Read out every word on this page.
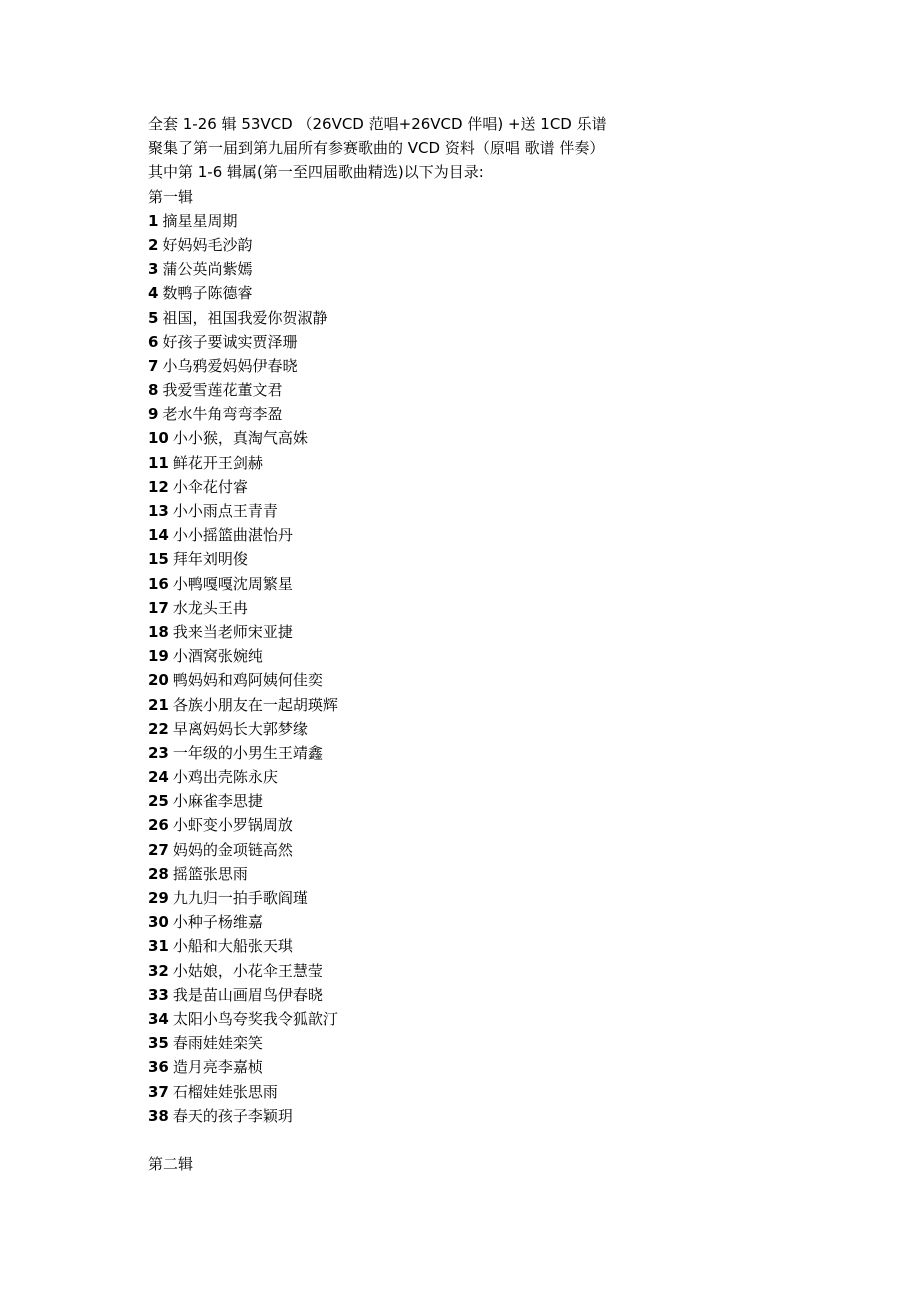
全套 1-26 辑 53VCD （26VCD 范唱+26VCD 伴唱) +送 1CD 乐谱
聚集了第一届到第九届所有参赛歌曲的 VCD 资料（原唱 歌谱 伴奏）
其中第 1-6 辑属(第一至四届歌曲精选)以下为目录:
第一辑
1 摘星星周期
2 好妈妈毛沙韵
3 蒲公英尚紫嫣
4 数鸭子陈德睿
5 祖国，祖国我爱你贺淑静
6 好孩子要诚实贾泽珊
7 小乌鸦爱妈妈伊春晓
8 我爱雪莲花董文君
9 老水牛角弯弯李盈
10 小小猴，真淘气高姝
11 鲜花开王剑赫
12 小伞花付睿
13 小小雨点王青青
14 小小摇篮曲湛怡丹
15 拜年刘明俊
16 小鸭嘎嘎沈周繁星
17 水龙头王冉
18 我来当老师宋亚捷
19 小酒窝张婉纯
20 鸭妈妈和鸡阿姨何佳奕
21 各族小朋友在一起胡瑛辉
22 早离妈妈长大郭梦缘
23 一年级的小男生王靖鑫
24 小鸡出壳陈永庆
25 小麻雀李思捷
26 小虾变小罗锅周放
27 妈妈的金项链高然
28 摇篮张思雨
29 九九归一拍手歌阎瑾
30 小种子杨维嘉
31 小船和大船张天琪
32 小姑娘，小花伞王慧莹
33 我是苗山画眉鸟伊春晓
34 太阳小鸟夸奖我令狐歆汀
35 春雨娃娃栾笑
36 造月亮李嘉桢
37 石榴娃娃张思雨
38 春天的孩子李颖玥
第二辑
